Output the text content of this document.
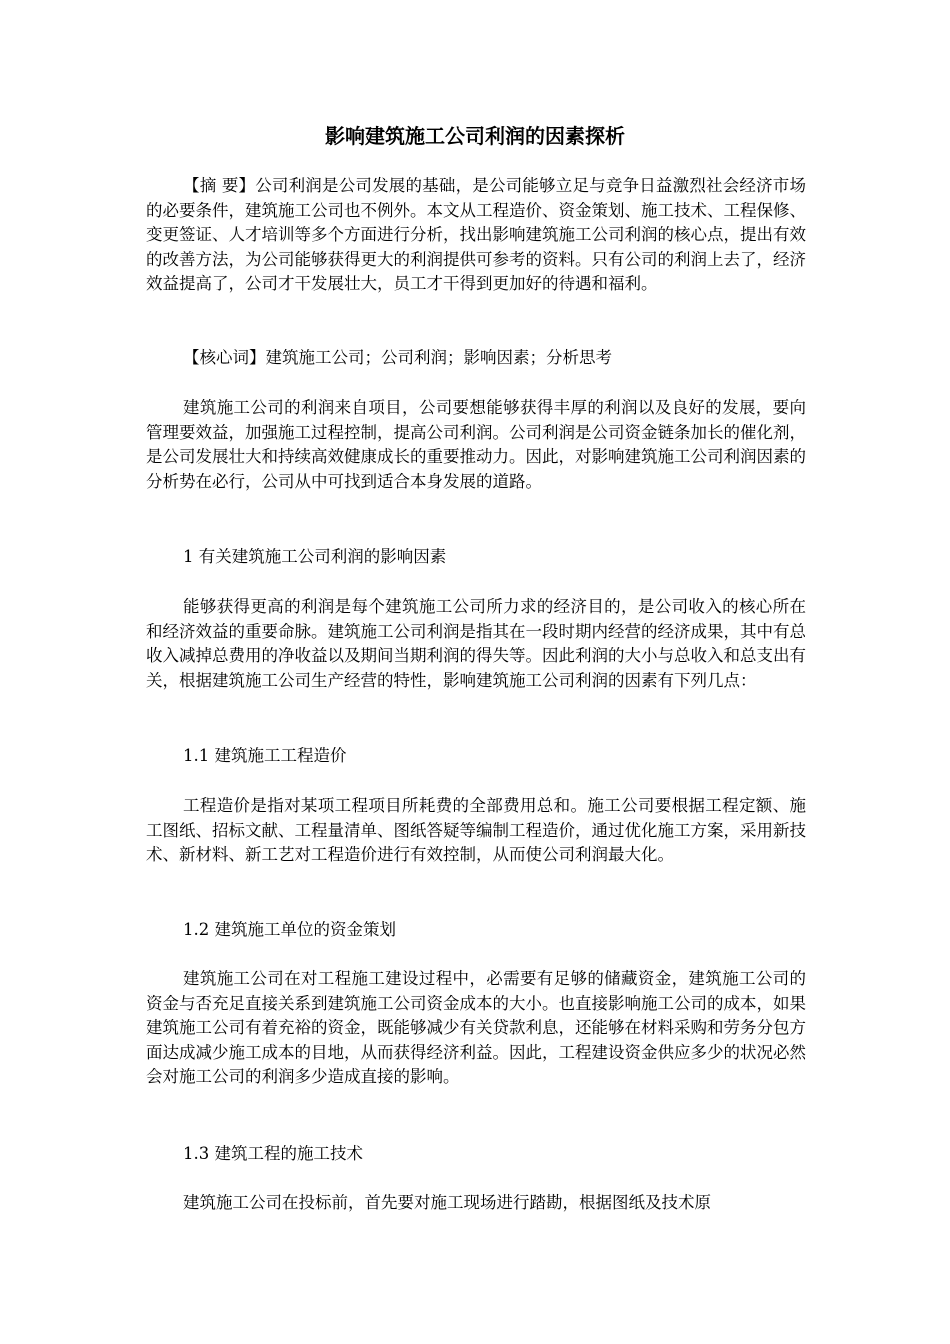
影响建筑施工公司利润的因素探析

【摘 要】公司利润是公司发展的基础，是公司能够立足与竞争日益激烈社会经济市场的必要条件，建筑施工公司也不例外。本文从工程造价、资金策划、施工技术、工程保修、变更签证、人才培训等多个方面进行分析，找出影响建筑施工公司利润的核心点，提出有效的改善方法，为公司能够获得更大的利润提供可参考的资料。只有公司的利润上去了，经济效益提高了，公司才干发展壮大，员工才干得到更加好的待遇和福利。

【核心词】建筑施工公司；公司利润；影响因素；分析思考

建筑施工公司的利润来自项目，公司要想能够获得丰厚的利润以及良好的发展，要向管理要效益，加强施工过程控制，提高公司利润。公司利润是公司资金链条加长的催化剂，是公司发展壮大和持续高效健康成长的重要推动力。因此，对影响建筑施工公司利润因素的分析势在必行，公司从中可找到适合本身发展的道路。

1 有关建筑施工公司利润的影响因素

能够获得更高的利润是每个建筑施工公司所力求的经济目的，是公司收入的核心所在和经济效益的重要命脉。建筑施工公司利润是指其在一段时期内经营的经济成果，其中有总收入减掉总费用的净收益以及期间当期利润的得失等。因此利润的大小与总收入和总支出有关，根据建筑施工公司生产经营的特性，影响建筑施工公司利润的因素有下列几点：

1.1 建筑施工工程造价

工程造价是指对某项工程项目所耗费的全部费用总和。施工公司要根据工程定额、施工图纸、招标文献、工程量清单、图纸答疑等编制工程造价，通过优化施工方案，采用新技术、新材料、新工艺对工程造价进行有效控制，从而使公司利润最大化。

1.2 建筑施工单位的资金策划

建筑施工公司在对工程施工建设过程中，必需要有足够的储藏资金，建筑施工公司的资金与否充足直接关系到建筑施工公司资金成本的大小。也直接影响施工公司的成本，如果建筑施工公司有着充裕的资金，既能够减少有关贷款利息，还能够在材料采购和劳务分包方面达成减少施工成本的目地，从而获得经济利益。因此，工程建设资金供应多少的状况必然会对施工公司的利润多少造成直接的影响。

1.3 建筑工程的施工技术

建筑施工公司在投标前，首先要对施工现场进行踏勘，根据图纸及技术原
